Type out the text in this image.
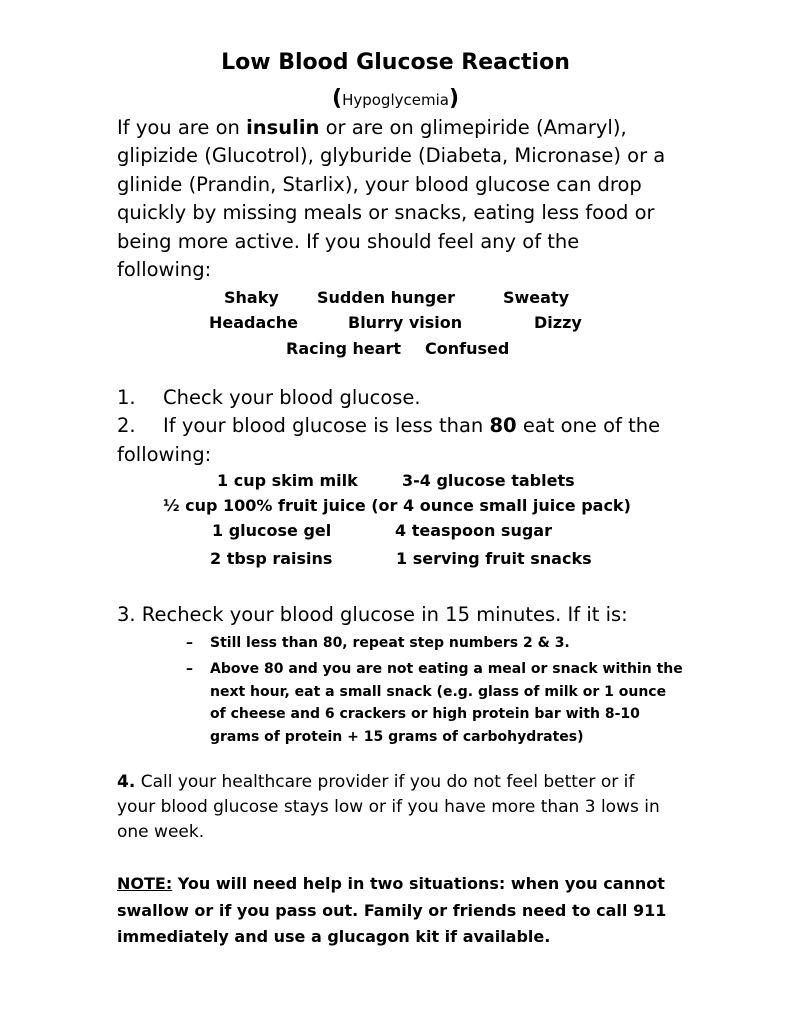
Low Blood Glucose Reaction
(Hypoglycemia)
If you are on insulin or are on glimepiride (Amaryl),
glipizide (Glucotrol), glyburide (Diabeta, Micronase) or a
glinide (Prandin, Starlix), your blood glucose can drop
quickly by missing meals or snacks, eating less food or
being more active. If you should feel any of the
following:
Shaky Sudden hunger	Sweaty
Headache	Blurry vision	Dizzy
Racing heart Confused
1. Check your blood glucose.
2. If your blood glucose is less than 80 eat one of the
following:
1 cup skim milk	3-4 glucose tablets
½ cup 100% fruit juice (or 4 ounce small juice pack)
1 glucose gel	4 teaspoon sugar
2 tbsp raisins	1 serving fruit snacks
3. Recheck your blood glucose in 15 minutes. If it is:
– Still less than 80, repeat step numbers 2 & 3.
– Above 80 and you are not eating a meal or snack within the
next hour, eat a small snack (e.g. glass of milk or 1 ounce
of cheese and 6 crackers or high protein bar with 8-10
grams of protein + 15 grams of carbohydrates)
4. Call your healthcare provider if you do not feel better or if
your blood glucose stays low or if you have more than 3 lows in
one week.
NOTE: You will need help in two situations: when you cannot
swallow or if you pass out. Family or friends need to call 911
immediately and use a glucagon kit if available.
